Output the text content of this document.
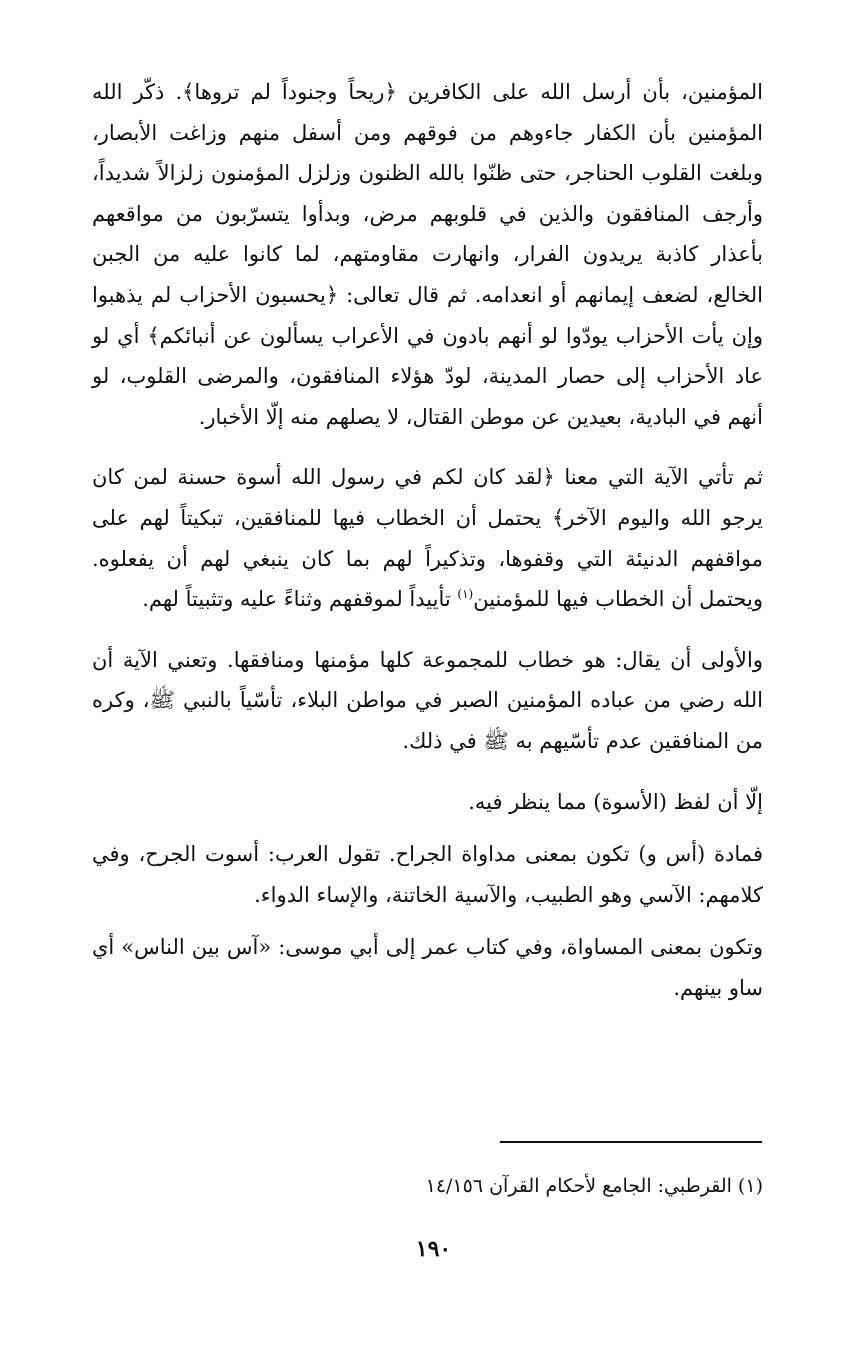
المؤمنين، بأن أرسل الله على الكافرين ﴿ريحاً وجنوداً لم تروها﴾. ذكّر الله المؤمنين بأن الكفار جاءوهم من فوقهم ومن أسفل منهم وزاغت الأبصار، وبلغت القلوب الحناجر، حتى ظنّوا بالله الظنون وزلزل المؤمنون زلزالاً شديداً، وأرجف المنافقون والذين في قلوبهم مرض، وبدأوا يتسرّبون من مواقعهم بأعذار كاذبة يريدون الفرار، وانهارت مقاومتهم، لما كانوا عليه من الجبن الخالع، لضعف إيمانهم أو انعدامه. ثم قال تعالى: ﴿يحسبون الأحزاب لم يذهبوا وإن يأت الأحزاب يودّوا لو أنهم بادون في الأعراب يسألون عن أنبائكم﴾ أي لو عاد الأحزاب إلى حصار المدينة، لودّ هؤلاء المنافقون، والمرضى القلوب، لو أنهم في البادية، بعيدين عن موطن القتال، لا يصلهم منه إلّا الأخبار.

ثم تأتي الآية التي معنا ﴿لقد كان لكم في رسول الله أسوة حسنة لمن كان يرجو الله واليوم الآخر﴾ يحتمل أن الخطاب فيها للمنافقين، تبكيتاً لهم على مواقفهم الدنيئة التي وقفوها، وتذكيراً لهم بما كان ينبغي لهم أن يفعلوه. ويحتمل أن الخطاب فيها للمؤمنين$^{(١)}$ تأييداً لموقفهم وثناءً عليه وتثبيتاً لهم.

والأولى أن يقال: هو خطاب للمجموعة كلها مؤمنها ومنافقها. وتعني الآية أن الله رضي من عباده المؤمنين الصبر في مواطن البلاء، تأسّياً بالنبي ﷺ، وكره من المنافقين عدم تأسّيهم به ﷺ في ذلك.

إلّا أن لفظ (الأسوة) مما ينظر فيه.

فمادة (أس و) تكون بمعنى مداواة الجراح. تقول العرب: أسوت الجرح، وفي كلامهم: الآسي وهو الطبيب، والآسية الخاتنة، والإساء الدواء.

وتكون بمعنى المساواة، وفي كتاب عمر إلى أبي موسى: «آس بين الناس» أي ساو بينهم.

(١) القرطبي: الجامع لأحكام القرآن ١٤/١٥٦

١٩٠
